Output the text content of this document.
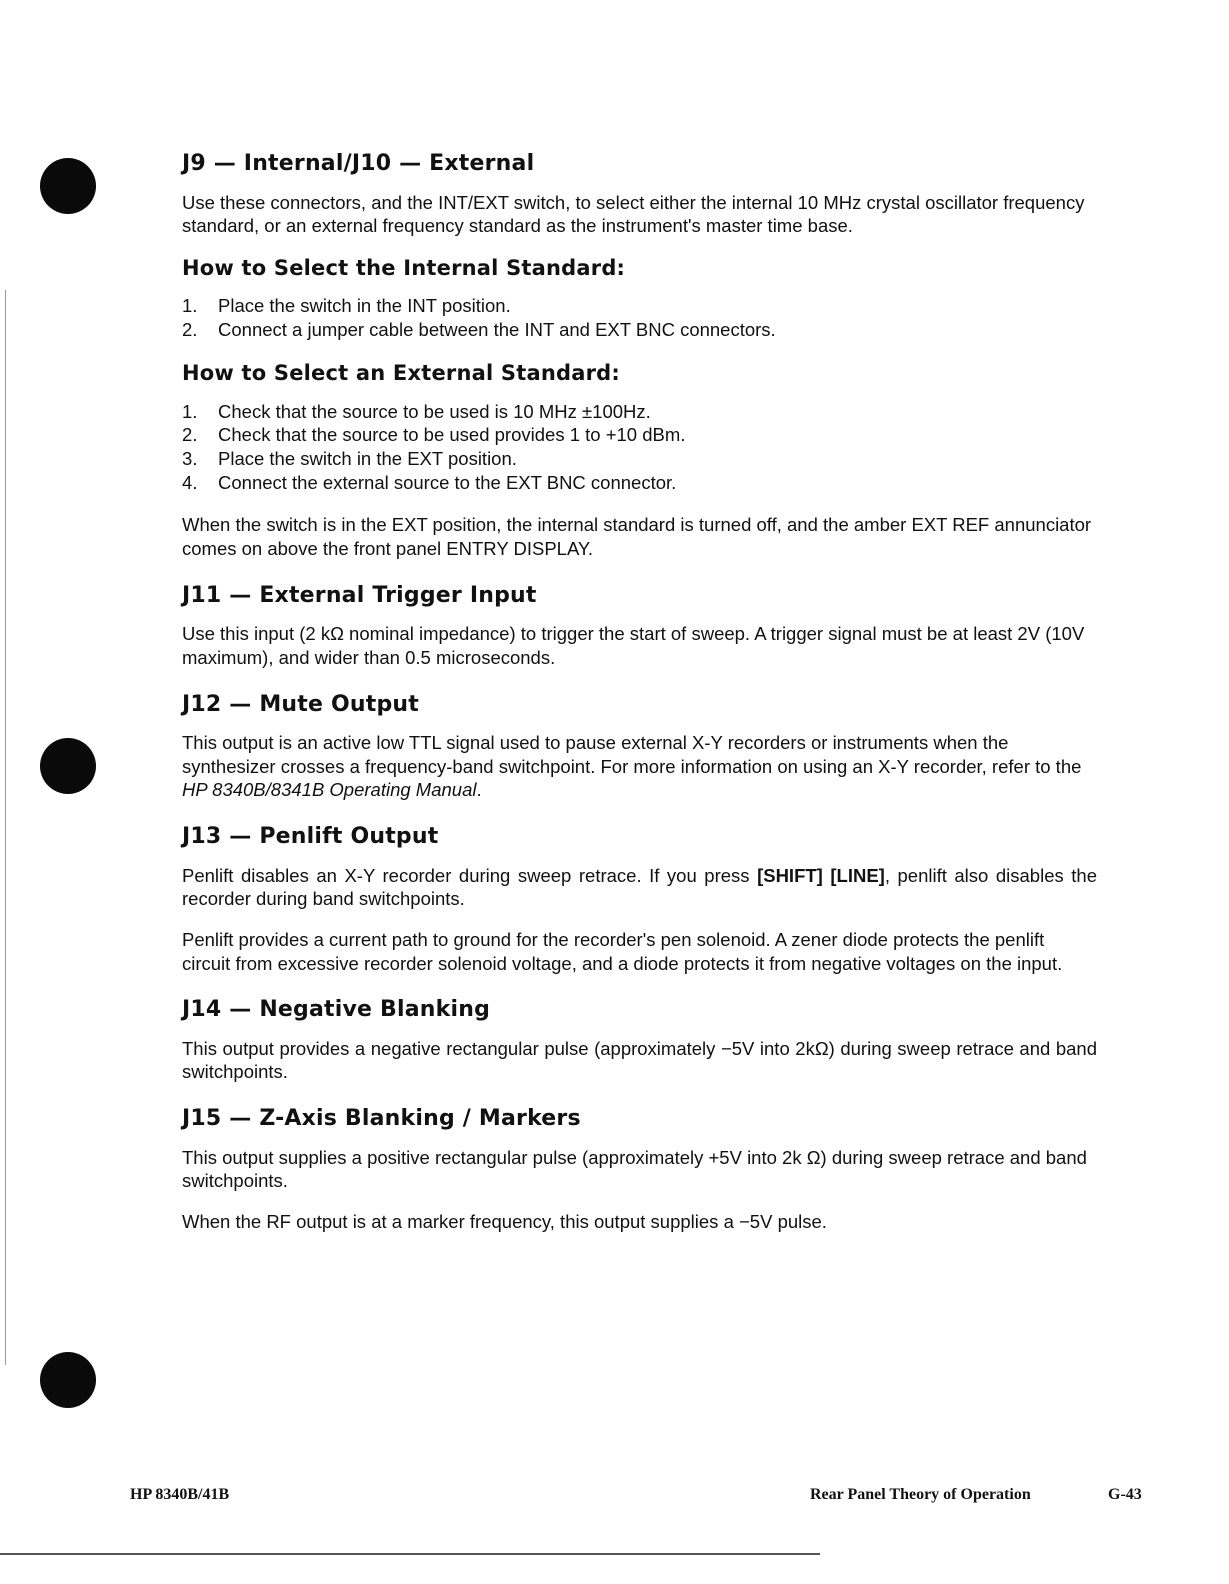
J9 — Internal/J10 — External

Use these connectors, and the INT/EXT switch, to select either the internal 10 MHz crystal oscillator frequency standard, or an external frequency standard as the instrument's master time base.

How to Select the Internal Standard:
1.	Place the switch in the INT position.
2.	Connect a jumper cable between the INT and EXT BNC connectors.
How to Select an External Standard:
1.	Check that the source to be used is 10 MHz ±100Hz.
2.	Check that the source to be used provides 1 to +10 dBm.
3.	Place the switch in the EXT position.
4.	Connect the external source to the EXT BNC connector.

When the switch is in the EXT position, the internal standard is turned off, and the amber EXT REF annunciator comes on above the front panel ENTRY DISPLAY.

J11 — External Trigger Input

Use this input (2 kΩ nominal impedance) to trigger the start of sweep. A trigger signal must be at least 2V (10V maximum), and wider than 0.5 microseconds.

J12 — Mute Output

This output is an active low TTL signal used to pause external X-Y recorders or instruments when the synthesizer crosses a frequency-band switchpoint. For more information on using an X-Y recorder, refer to the HP 8340B/8341B Operating Manual.

J13 — Penlift Output

Penlift disables an X-Y recorder during sweep retrace. If you press [SHIFT] [LINE], penlift also disables the recorder during band switchpoints.

Penlift provides a current path to ground for the recorder's pen solenoid. A zener diode protects the penlift circuit from excessive recorder solenoid voltage, and a diode protects it from negative voltages on the input.

J14 — Negative Blanking

This output provides a negative rectangular pulse (approximately −5V into 2kΩ) during sweep retrace and band switchpoints.

J15 — Z-Axis Blanking / Markers

This output supplies a positive rectangular pulse (approximately +5V into 2k Ω) during sweep retrace and band switchpoints.

When the RF output is at a marker frequency, this output supplies a −5V pulse.

HP 8340B/41B	Rear Panel Theory of Operation	G-43
